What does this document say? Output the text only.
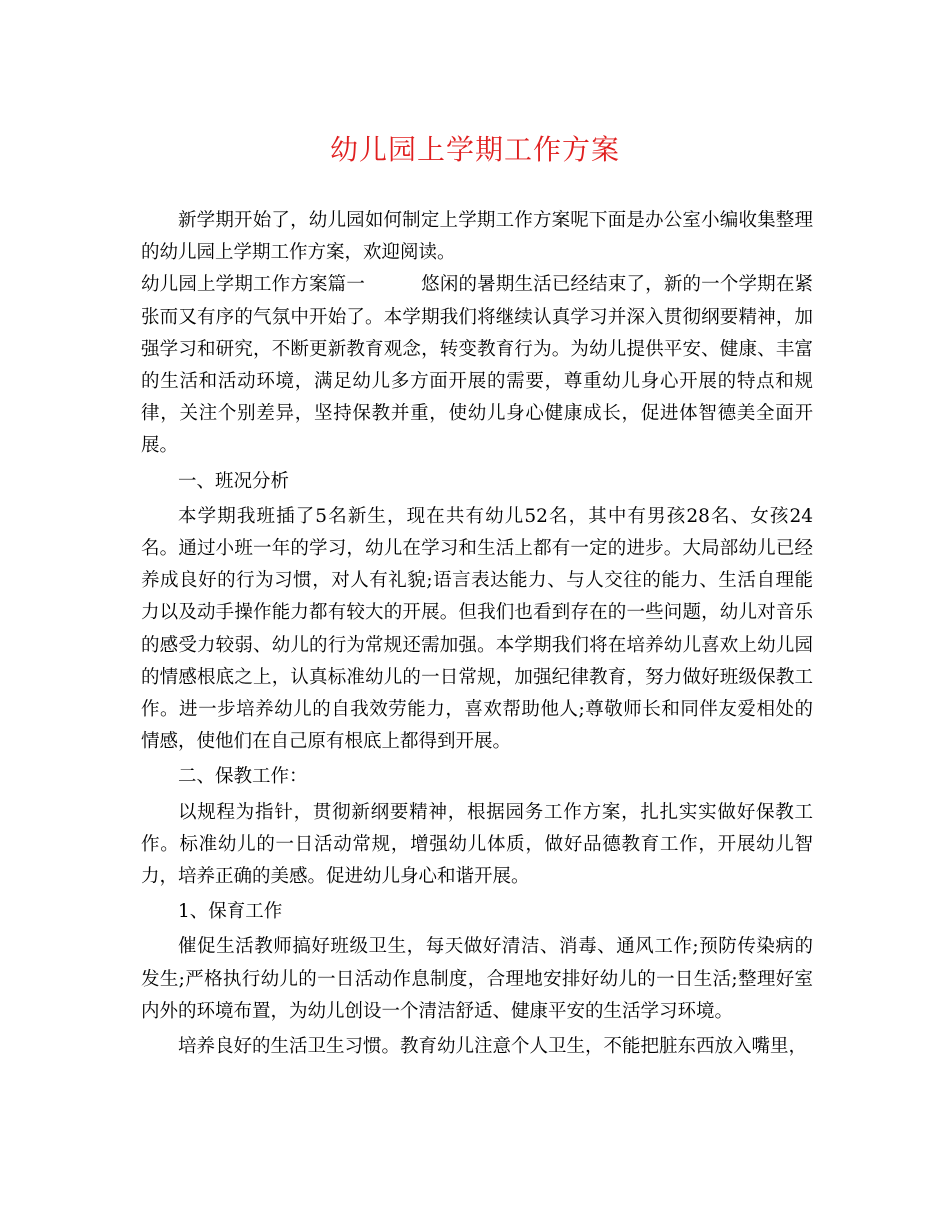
幼儿园上学期工作方案

新学期开始了，幼儿园如何制定上学期工作方案呢下面是办公室小编收集整理的幼儿园上学期工作方案，欢迎阅读。

幼儿园上学期工作方案篇一	悠闲的暑期生活已经结束了，新的一个学期在紧张而又有序的气氛中开始了。本学期我们将继续认真学习并深入贯彻纲要精神，加强学习和研究，不断更新教育观念，转变教育行为。为幼儿提供平安、健康、丰富的生活和活动环境，满足幼儿多方面开展的需要，尊重幼儿身心开展的特点和规律，关注个别差异，坚持保教并重，使幼儿身心健康成长，促进体智德美全面开展。

一、班况分析

本学期我班插了5名新生，现在共有幼儿52名，其中有男孩28名、女孩24名。通过小班一年的学习，幼儿在学习和生活上都有一定的进步。大局部幼儿已经养成良好的行为习惯，对人有礼貌;语言表达能力、与人交往的能力、生活自理能力以及动手操作能力都有较大的开展。但我们也看到存在的一些问题，幼儿对音乐的感受力较弱、幼儿的行为常规还需加强。本学期我们将在培养幼儿喜欢上幼儿园的情感根底之上，认真标准幼儿的一日常规，加强纪律教育，努力做好班级保教工作。进一步培养幼儿的自我效劳能力，喜欢帮助他人;尊敬师长和同伴友爱相处的情感，使他们在自己原有根底上都得到开展。

二、保教工作：

以规程为指针，贯彻新纲要精神，根据园务工作方案，扎扎实实做好保教工作。标准幼儿的一日活动常规，增强幼儿体质，做好品德教育工作，开展幼儿智力，培养正确的美感。促进幼儿身心和谐开展。

1、保育工作

催促生活教师搞好班级卫生，每天做好清洁、消毒、通风工作;预防传染病的发生;严格执行幼儿的一日活动作息制度，合理地安排好幼儿的一日生活;整理好室内外的环境布置，为幼儿创设一个清洁舒适、健康平安的生活学习环境。

培养良好的生活卫生习惯。教育幼儿注意个人卫生，不能把脏东西放入嘴里，
